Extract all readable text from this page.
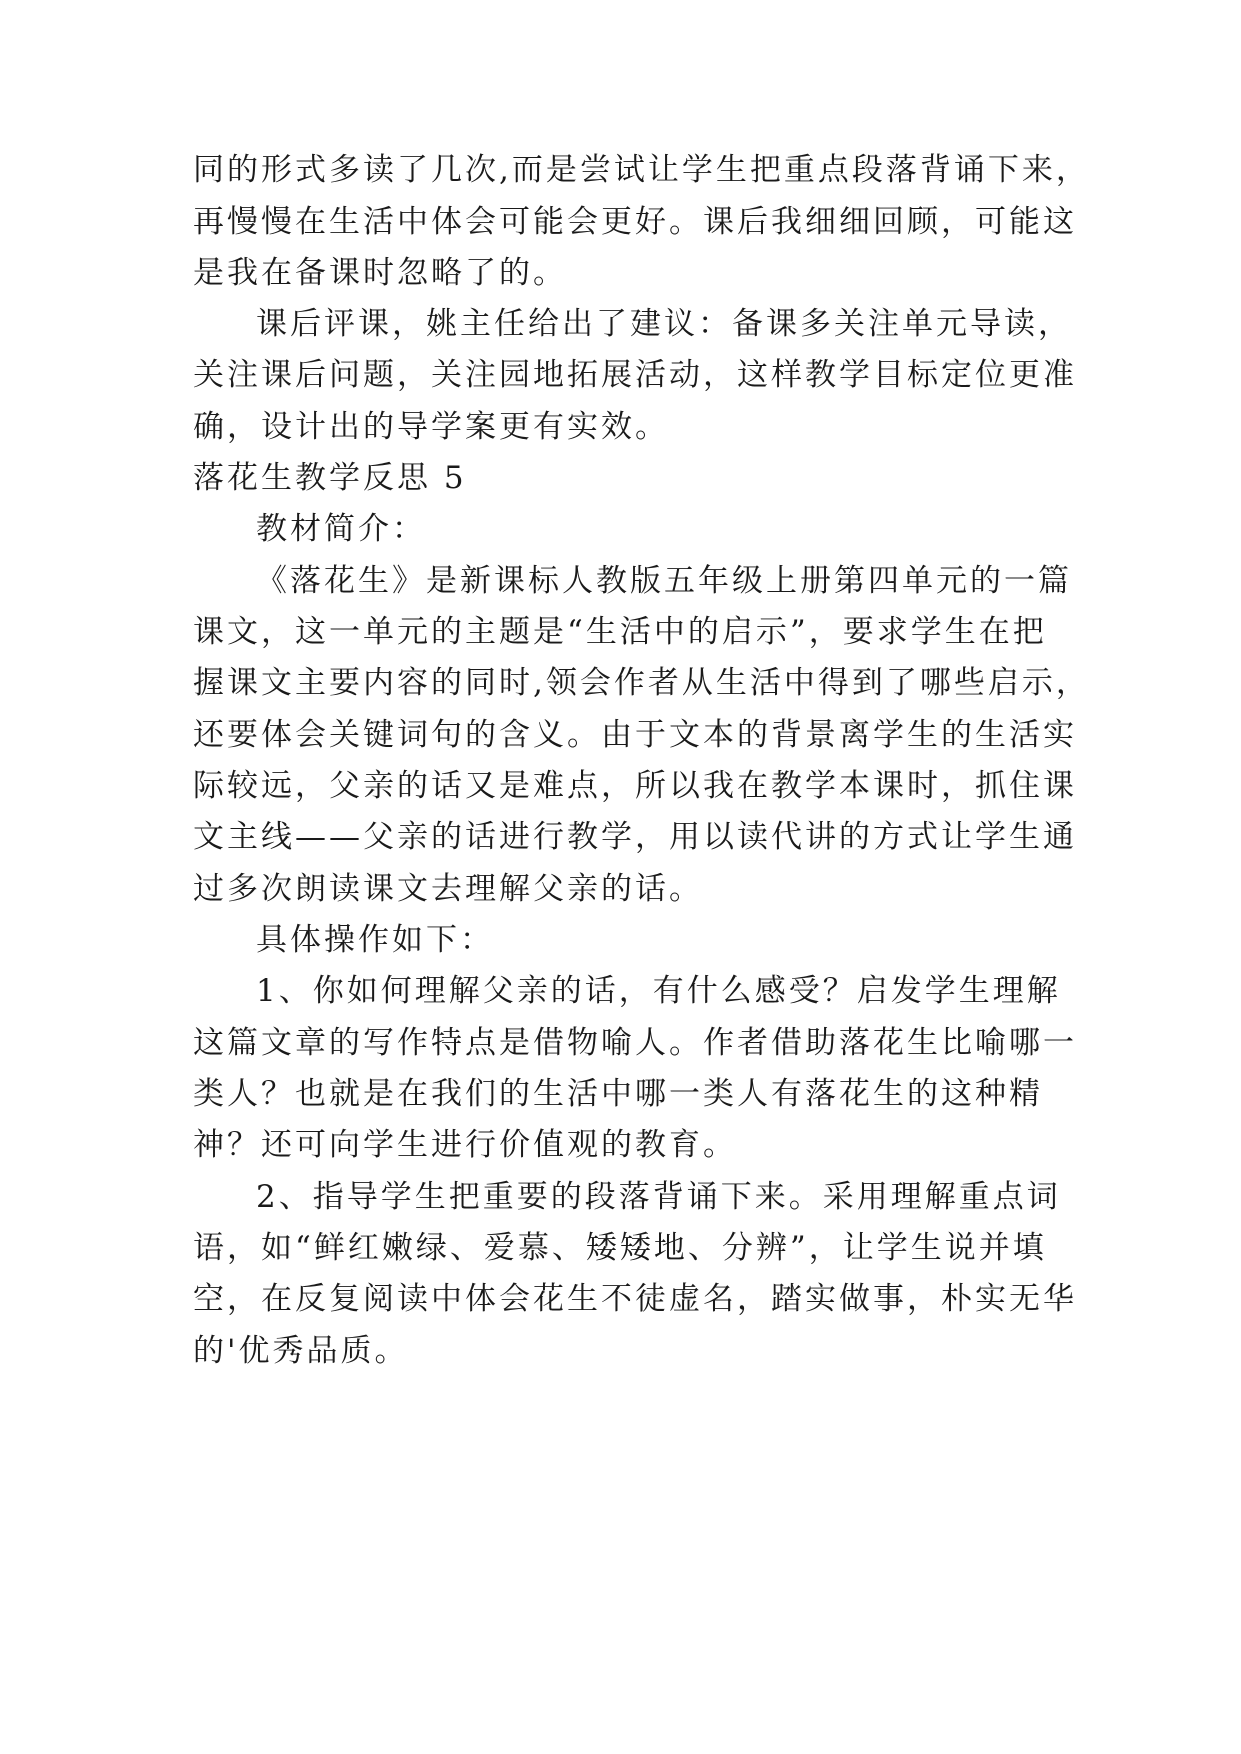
同的形式多读了几次,而是尝试让学生把重点段落背诵下来，
再慢慢在生活中体会可能会更好。课后我细细回顾，可能这
是我在备课时忽略了的。
课后评课，姚主任给出了建议：备课多关注单元导读，
关注课后问题，关注园地拓展活动，这样教学目标定位更准
确，设计出的导学案更有实效。
落花生教学反思 5
教材简介：
《落花生》是新课标人教版五年级上册第四单元的一篇
课文，这一单元的主题是“生活中的启示”，要求学生在把
握课文主要内容的同时,领会作者从生活中得到了哪些启示，
还要体会关键词句的含义。由于文本的背景离学生的生活实
际较远，父亲的话又是难点，所以我在教学本课时，抓住课
文主线——父亲的话进行教学，用以读代讲的方式让学生通
过多次朗读课文去理解父亲的话。
具体操作如下：
1、你如何理解父亲的话，有什么感受？启发学生理解
这篇文章的写作特点是借物喻人。作者借助落花生比喻哪一
类人？也就是在我们的生活中哪一类人有落花生的这种精
神？还可向学生进行价值观的教育。
2、指导学生把重要的段落背诵下来。采用理解重点词
语，如“鲜红嫩绿、爱慕、矮矮地、分辨”，让学生说并填
空，在反复阅读中体会花生不徒虚名，踏实做事，朴实无华
的'优秀品质。
